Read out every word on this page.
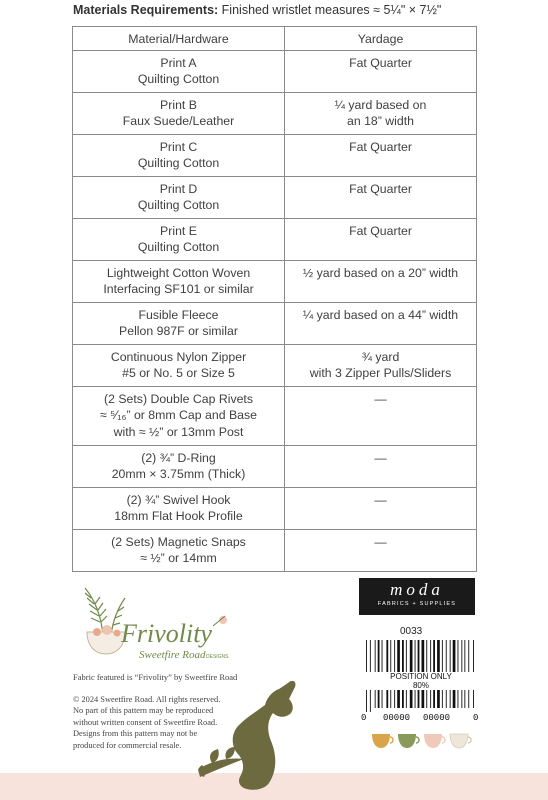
Materials Requirements: Finished wristlet measures ≈ 5¼" × 7½"
Material/Hardware	Yardage

Print A
Quilting Cotton	Fat Quarter

Print B
Faux Suede/Leather	¼ yard based on
an 18” width

Print C
Quilting Cotton	Fat Quarter

Print D
Quilting Cotton	Fat Quarter

Print E
Quilting Cotton	Fat Quarter

Lightweight Cotton Woven
Interfacing SF101 or similar	½ yard based on a 20” width

Fusible Fleece
Pellon 987F or similar	¼ yard based on a 44” width

Continuous Nylon Zipper
#5 or No. 5 or Size 5	¾ yard
with 3 Zipper Pulls/Sliders

(2 Sets) Double Cap Rivets
≈ ⁵⁄₁₆” or 8mm Cap and Base
with ≈ ½” or 13mm Post	—

(2) ¾” D-Ring
20mm × 3.75mm (Thick)	—

(2) ¾” Swivel Hook
18mm Flat Hook Profile	—

(2 Sets) Magnetic Snaps
≈ ½” or 14mm	—
Frivolity
Sweetfire Road DESIGNS
Fabric featured is “Frivolity” by Sweetfire Road
© 2024 Sweetfire Road. All rights reserved.
No part of this pattern may be reproduced
without written consent of Sweetfire Road.
Designs from this pattern may not be
produced for commercial resale.
moda
FABRICS + SUPPLIES
0033
POSITION ONLY
80%
0 00000 00000	0
